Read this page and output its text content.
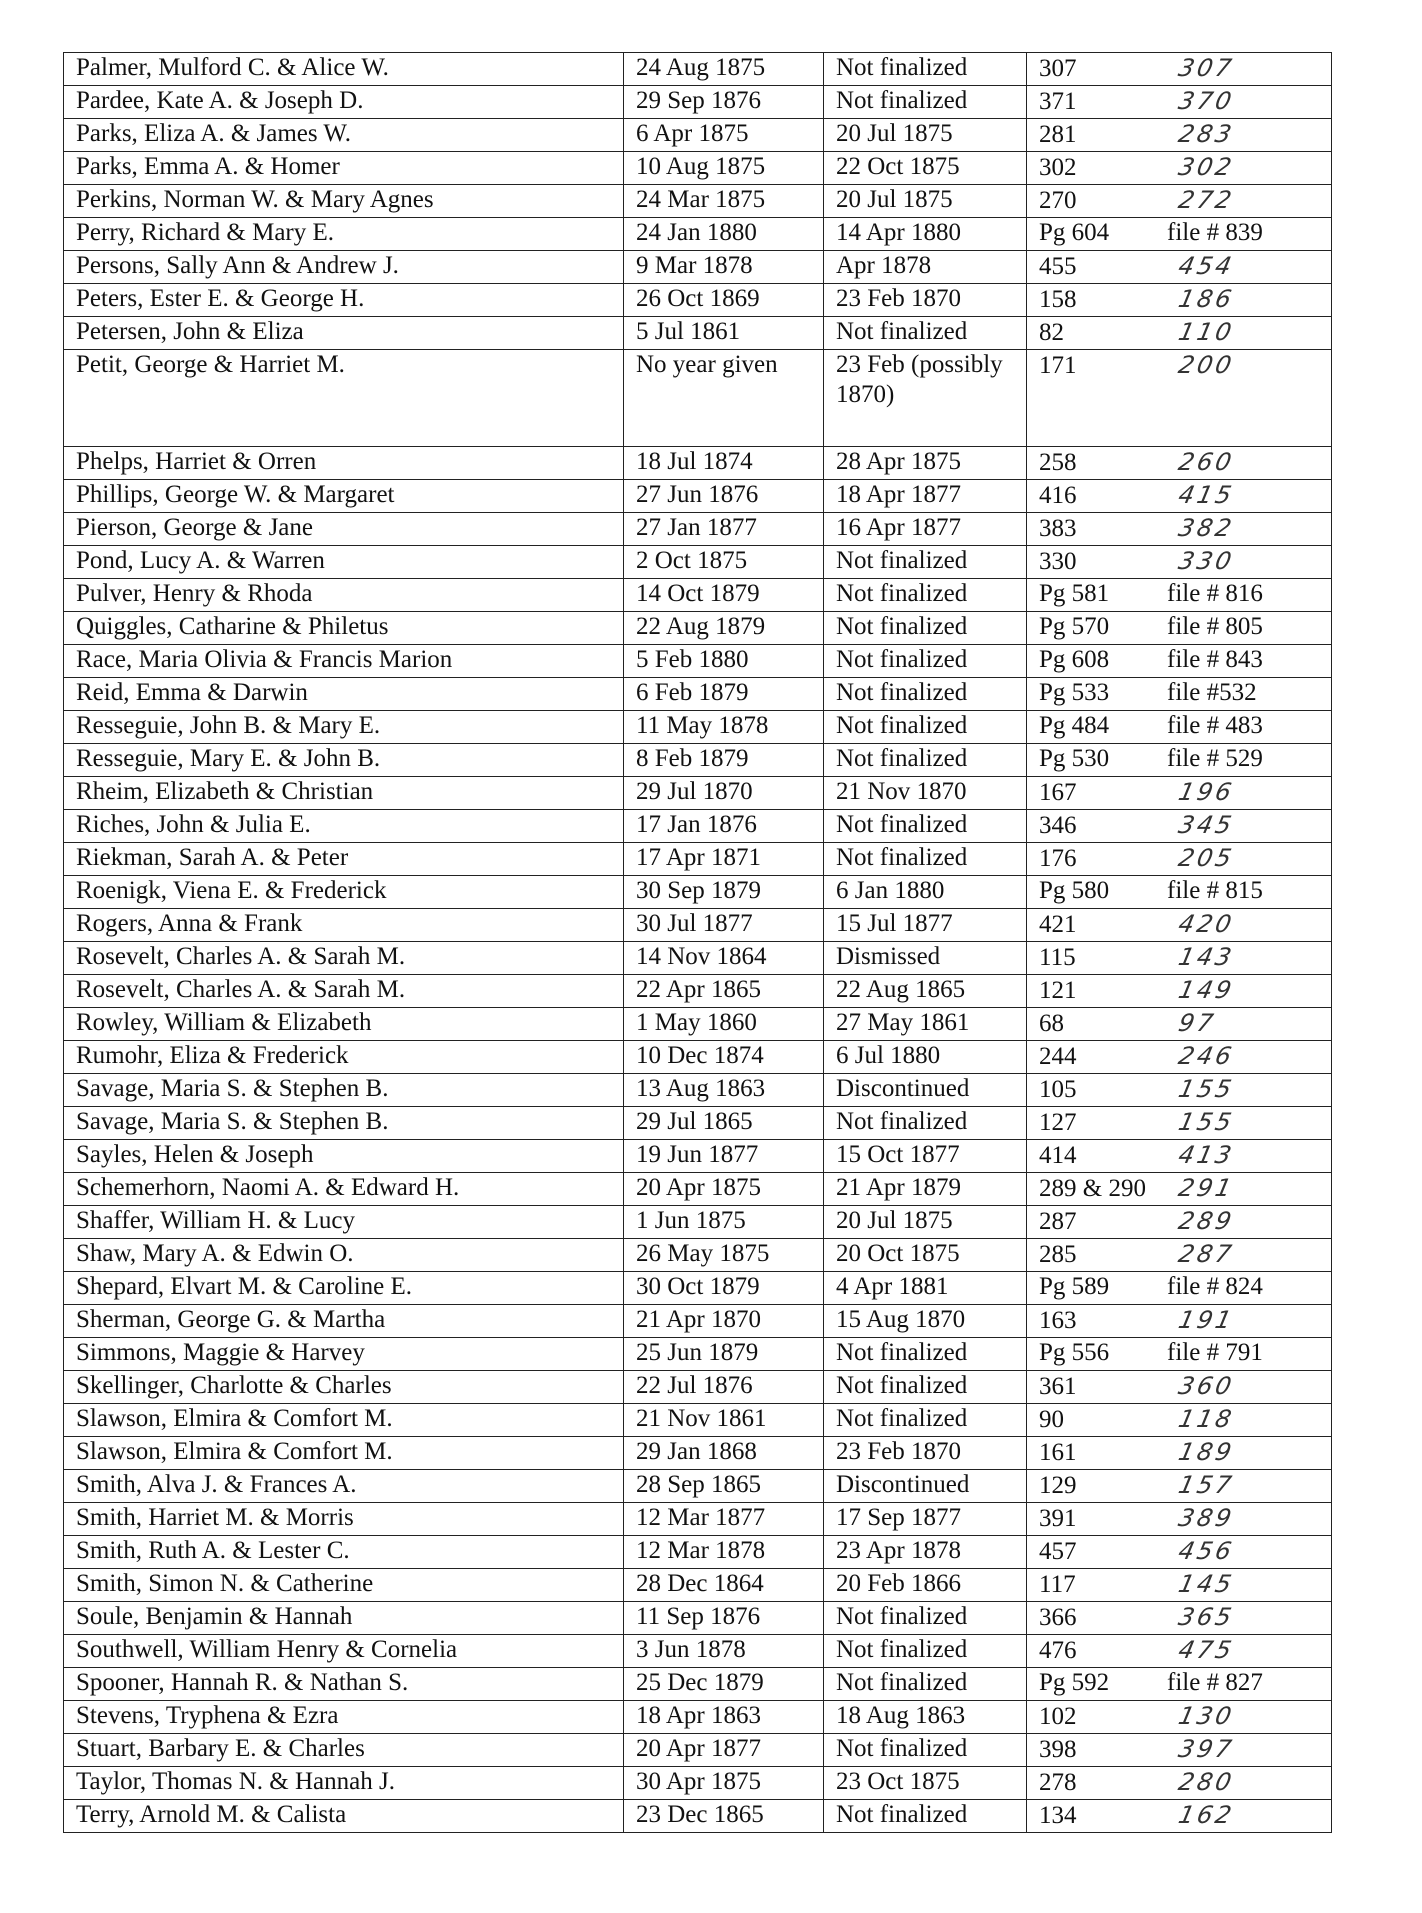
Palmer, Mulford C. & Alice W.	24 Aug 1875	Not finalized	307 307
Pardee, Kate A. & Joseph D.	29 Sep 1876	Not finalized	371 370
Parks, Eliza A. & James W.	6 Apr 1875	20 Jul 1875	281 283
Parks, Emma A. & Homer	10 Aug 1875	22 Oct 1875	302 302
Perkins, Norman W. & Mary Agnes	24 Mar 1875	20 Jul 1875	270 272
Perry, Richard & Mary E.	24 Jan 1880	14 Apr 1880	Pg 604 file # 839
Persons, Sally Ann & Andrew J.	9 Mar 1878	Apr 1878	455 454
Peters, Ester E. & George H.	26 Oct 1869	23 Feb 1870	158 186
Petersen, John & Eliza	5 Jul 1861	Not finalized	82 110
Petit, George & Harriet M.	No year given	23 Feb (possibly 1870)	171 200
Phelps, Harriet & Orren	18 Jul 1874	28 Apr 1875	258 260
Phillips, George W. & Margaret	27 Jun 1876	18 Apr 1877	416 415
Pierson, George & Jane	27 Jan 1877	16 Apr 1877	383 382
Pond, Lucy A. & Warren	2 Oct 1875	Not finalized	330 330
Pulver, Henry & Rhoda	14 Oct 1879	Not finalized	Pg 581 file # 816
Quiggles, Catharine & Philetus	22 Aug 1879	Not finalized	Pg 570 file # 805
Race, Maria Olivia & Francis Marion	5 Feb 1880	Not finalized	Pg 608 file # 843
Reid, Emma & Darwin	6 Feb 1879	Not finalized	Pg 533 file #532
Resseguie, John B. & Mary E.	11 May 1878	Not finalized	Pg 484 file # 483
Resseguie, Mary E. & John B.	8 Feb 1879	Not finalized	Pg 530 file # 529
Rheim, Elizabeth & Christian	29 Jul 1870	21 Nov 1870	167 196
Riches, John & Julia E.	17 Jan 1876	Not finalized	346 345
Riekman, Sarah A. & Peter	17 Apr 1871	Not finalized	176 205
Roenigk, Viena E. & Frederick	30 Sep 1879	6 Jan 1880	Pg 580 file # 815
Rogers, Anna & Frank	30 Jul 1877	15 Jul 1877	421 420
Rosevelt, Charles A. & Sarah M.	14 Nov 1864	Dismissed	115 143
Rosevelt, Charles A. & Sarah M.	22 Apr 1865	22 Aug 1865	121 149
Rowley, William & Elizabeth	1 May 1860	27 May 1861	68 97
Rumohr, Eliza & Frederick	10 Dec 1874	6 Jul 1880	244 246
Savage, Maria S. & Stephen B.	13 Aug 1863	Discontinued	105 155
Savage, Maria S. & Stephen B.	29 Jul 1865	Not finalized	127 155
Sayles, Helen & Joseph	19 Jun 1877	15 Oct 1877	414 413
Schemerhorn, Naomi A. & Edward H.	20 Apr 1875	21 Apr 1879	289 & 290 291
Shaffer, William H. & Lucy	1 Jun 1875	20 Jul 1875	287 289
Shaw, Mary A. & Edwin O.	26 May 1875	20 Oct 1875	285 287
Shepard, Elvart M. & Caroline E.	30 Oct 1879	4 Apr 1881	Pg 589 file # 824
Sherman, George G. & Martha	21 Apr 1870	15 Aug 1870	163 191
Simmons, Maggie & Harvey	25 Jun 1879	Not finalized	Pg 556 file # 791
Skellinger, Charlotte & Charles	22 Jul 1876	Not finalized	361 360
Slawson, Elmira & Comfort M.	21 Nov 1861	Not finalized	90 118
Slawson, Elmira & Comfort M.	29 Jan 1868	23 Feb 1870	161 189
Smith, Alva J. & Frances A.	28 Sep 1865	Discontinued	129 157
Smith, Harriet M. & Morris	12 Mar 1877	17 Sep 1877	391 389
Smith, Ruth A. & Lester C.	12 Mar 1878	23 Apr 1878	457 456
Smith, Simon N. & Catherine	28 Dec 1864	20 Feb 1866	117 145
Soule, Benjamin & Hannah	11 Sep 1876	Not finalized	366 365
Southwell, William Henry & Cornelia	3 Jun 1878	Not finalized	476 475
Spooner, Hannah R. & Nathan S.	25 Dec 1879	Not finalized	Pg 592 file # 827
Stevens, Tryphena & Ezra	18 Apr 1863	18 Aug 1863	102 130
Stuart, Barbary E. & Charles	20 Apr 1877	Not finalized	398 397
Taylor, Thomas N. & Hannah J.	30 Apr 1875	23 Oct 1875	278 280
Terry, Arnold M. & Calista	23 Dec 1865	Not finalized	134 162
